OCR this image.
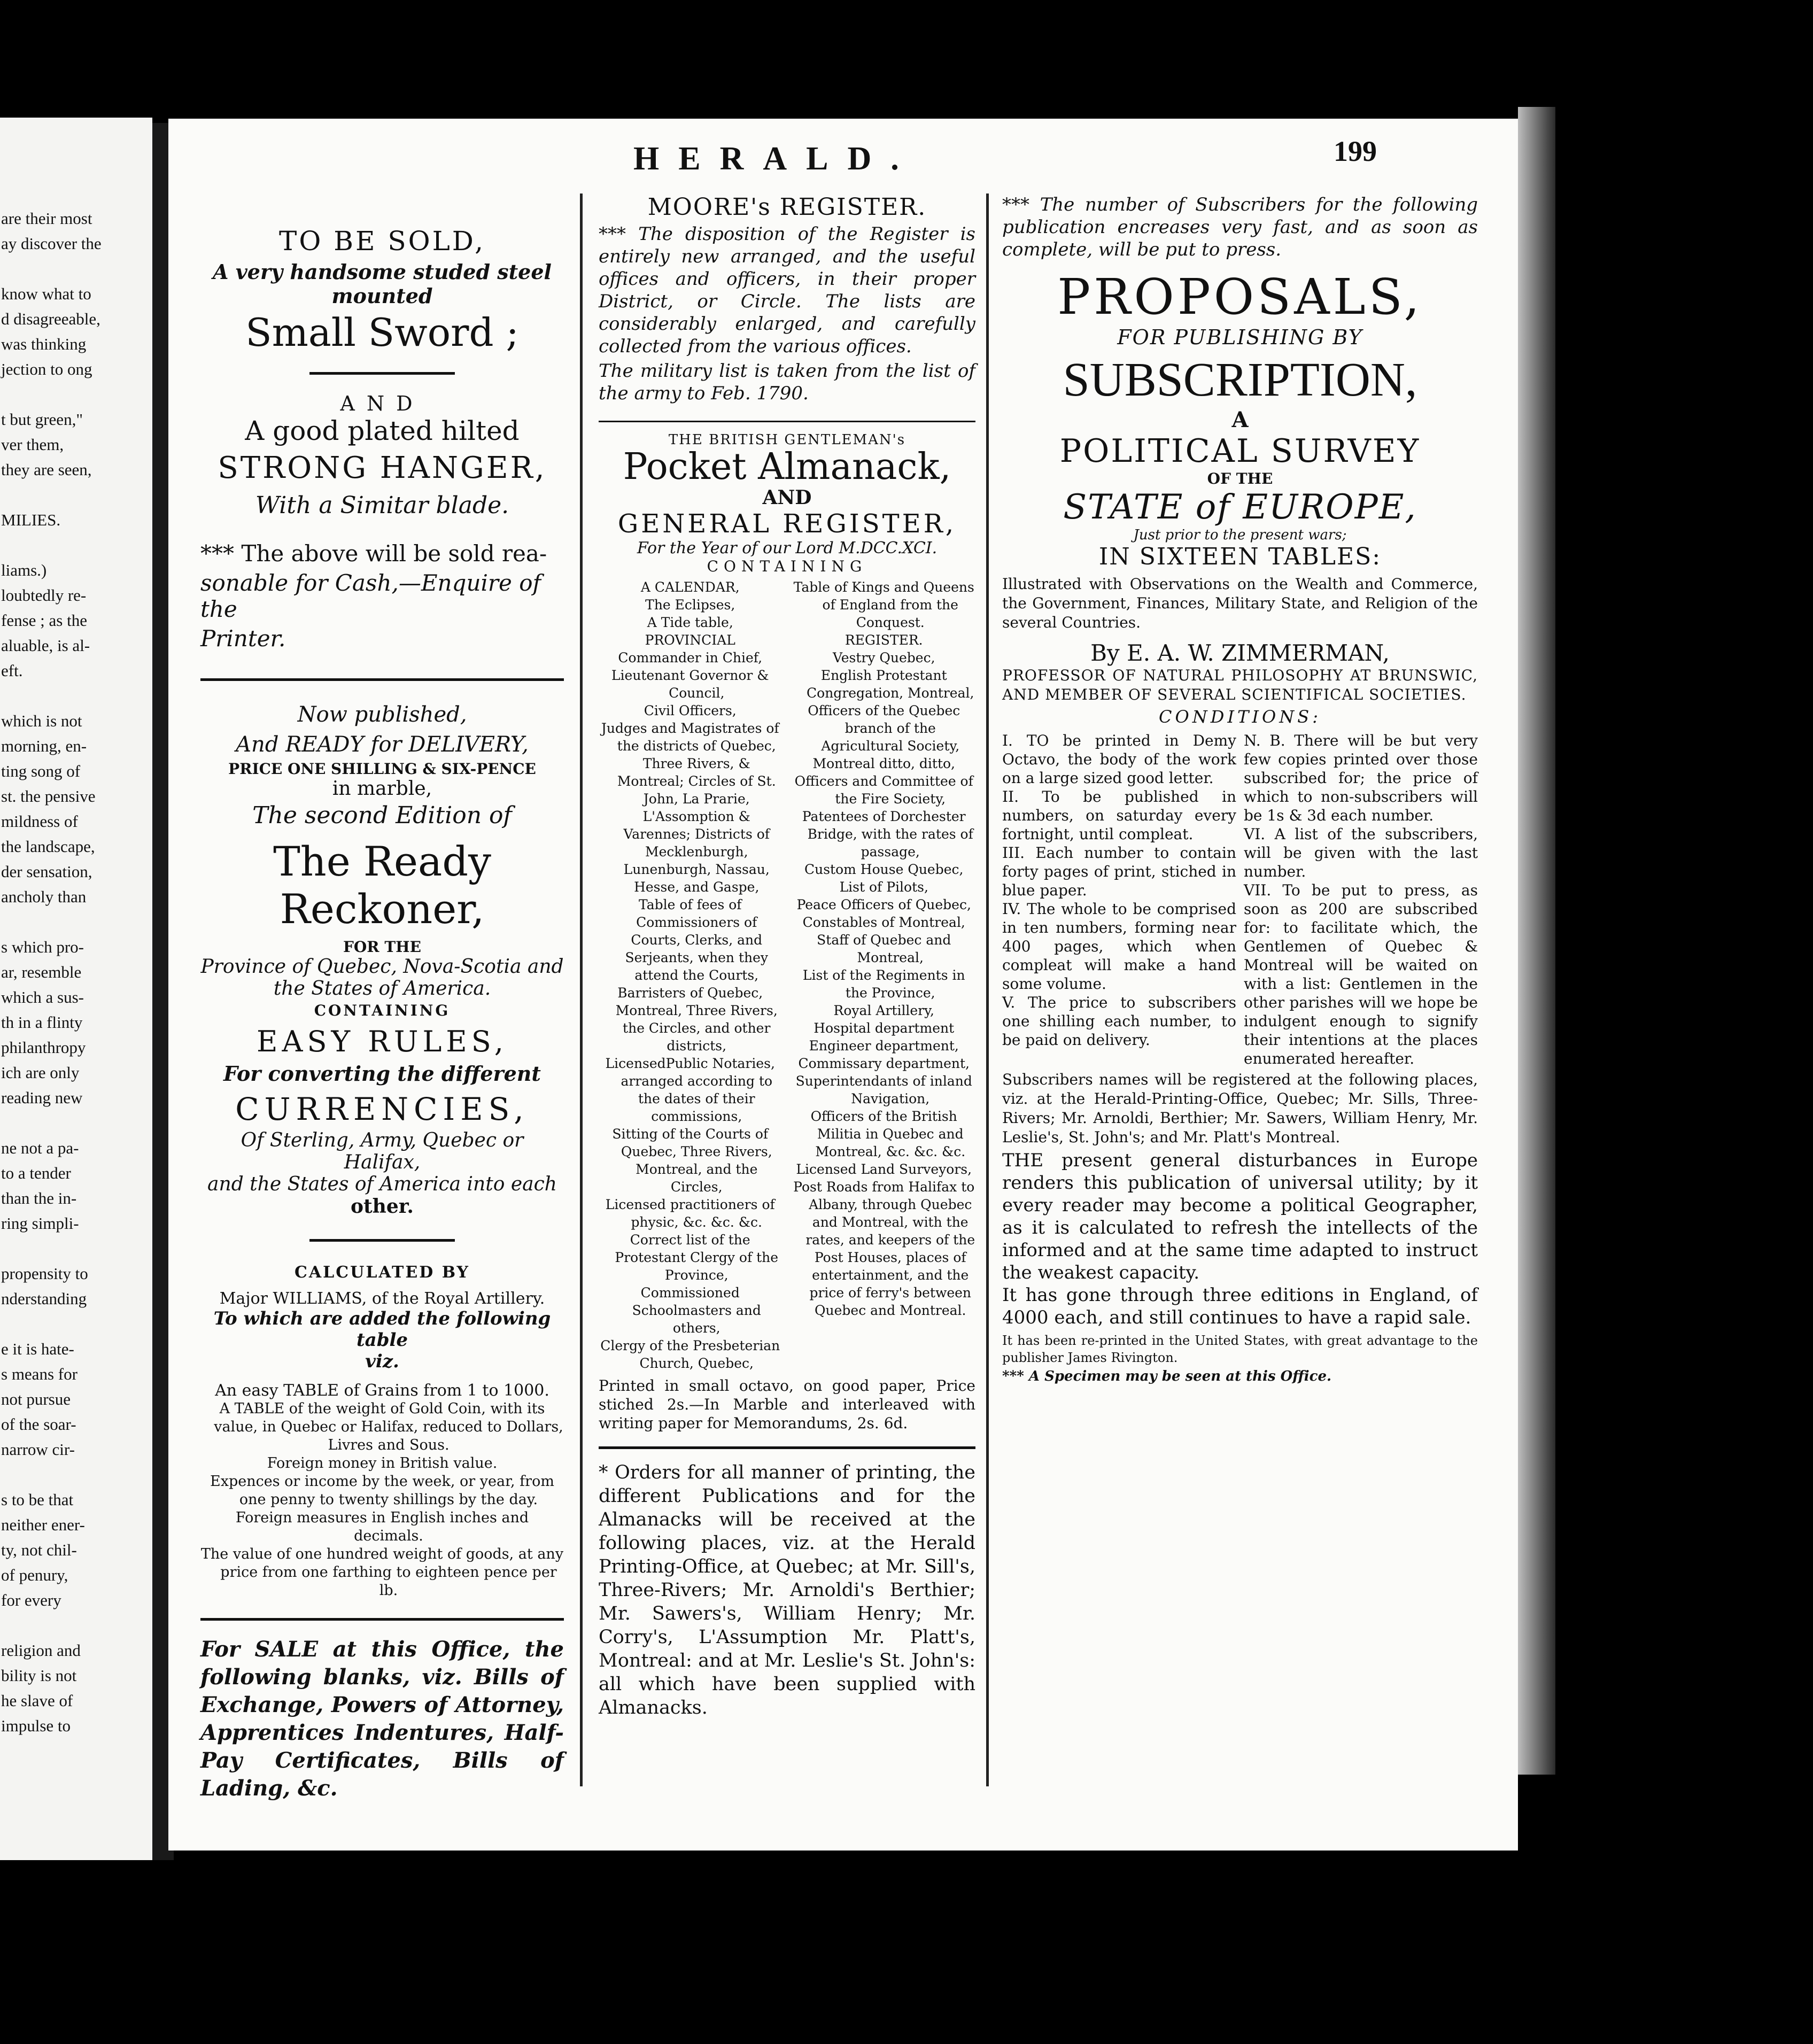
are their most
ay discover the
know what to
d disagreeable,
was thinking
jection to ong
t but green,"
ver them,
they are seen,
MILIES.
liams.)
loubtedly re-
fense ; as the
aluable, is al-
eft.
which is not
morning, en-
ting song of
st. the pensive
mildness of
the landscape,
der sensation,
ancholy than
s which pro-
ar, resemble
which a sus-
th in a flinty
philanthropy
ich are only
reading new
ne not a pa-
to a tender
than the in-
ring simpli-
propensity to
nderstanding
e it is hate-
s means for
not pursue
of the soar-
narrow cir-
s to be that
neither ener-
ty, not chil-
of penury,
for every
religion and
bility is not
he slave of
impulse to
HERALD.	199
TO BE SOLD,
A very handsome studed steel mounted
Small Sword ;
AND
A good plated hilted
STRONG HANGER,
With a Simitar blade.
*** The above will be sold rea-
sonable for Cash,—Enquire of the
Printer.
Now published,
And READY for DELIVERY,
PRICE ONE SHILLING & SIX-PENCE
in marble,
The second Edition of
The Ready Reckoner,
FOR THE
Province of Quebec, Nova-Scotia and
the States of America.
CONTAINING
EASY RULES,
For converting the different
CURRENCIES,
Of Sterling, Army, Quebec or Halifax,
and the States of America into each
other.
CALCULATED BY
Major WILLIAMS, of the Royal Artillery.
To which are added the following table
viz.
An easy TABLE of Grains from 1 to 1000.
A TABLE of the weight of Gold Coin, with its value, in Quebec or Halifax, reduced to Dollars, Livres and Sous.
Foreign money in British value.
Expences or income by the week, or year, from one penny to twenty shillings by the day.
Foreign measures in English inches and decimals.
The value of one hundred weight of goods, at any price from one farthing to eighteen pence per lb.
For SALE at this Office, the following blanks, viz. Bills of Exchange, Powers of Attorney, Apprentices Indentures, Half-Pay Certificates, Bills of Lading, &c.
MOORE's REGISTER.
*** The disposition of the Register is entirely new arranged, and the useful offices and officers, in their proper District, or Circle. The lists are considerably enlarged, and carefully collected from the various offices.
The military list is taken from the list of the army to Feb. 1790.
THE BRITISH GENTLEMAN's
Pocket Almanack,
AND
GENERAL REGISTER,
For the Year of our Lord M.DCC.XCI.
CONTAINING
A CALENDAR,
The Eclipses,
A Tide table,
PROVINCIAL
Commander in Chief,
Lieutenant Governor & Council,
Civil Officers,
Judges and Magistrates of the districts of Quebec, Three Rivers, & Montreal; Circles of St. John, La Prarie, L'Assomption & Varennes; Districts of Mecklenburgh, Lunenburgh, Nassau, Hesse, and Gaspe,
Table of fees of Commissioners of Courts, Clerks, and Serjeants, when they attend the Courts,
Barristers of Quebec, Montreal, Three Rivers, the Circles, and other districts,
LicensedPublic Notaries, arranged according to the dates of their commissions,
Sitting of the Courts of Quebec, Three Rivers, Montreal, and the Circles,
Licensed practitioners of physic, &c. &c. &c.
Correct list of the Protestant Clergy of the Province,
Commissioned Schoolmasters and others,
Clergy of the Presbeterian Church, Quebec,
Table of Kings and Queens of England from the Conquest.
REGISTER.
Vestry Quebec,
English Protestant Congregation, Montreal,
Officers of the Quebec branch of the Agricultural Society,
Montreal ditto, ditto,
Officers and Committee of the Fire Society,
Patentees of Dorchester Bridge, with the rates of passage,
Custom House Quebec,
List of Pilots,
Peace Officers of Quebec,
Constables of Montreal,
Staff of Quebec and Montreal,
List of the Regiments in the Province,
Royal Artillery,
Hospital department
Engineer department,
Commissary department,
Superintendants of inland Navigation,
Officers of the British Militia in Quebec and Montreal, &c. &c. &c.
Licensed Land Surveyors,
Post Roads from Halifax to Albany, through Quebec and Montreal, with the rates, and keepers of the Post Houses, places of entertainment, and the price of ferry's between Quebec and Montreal.
Printed in small octavo, on good paper, Price stiched 2s.—In Marble and interleaved with writing paper for Memorandums, 2s. 6d.
* Orders for all manner of printing, the different Publications and for the Almanacks will be received at the following places, viz. at the Herald Printing-Office, at Quebec; at Mr. Sill's, Three-Rivers; Mr. Arnoldi's Berthier; Mr. Sawers's, William Henry; Mr. Corry's, L'Assumption Mr. Platt's, Montreal: and at Mr. Leslie's St. John's: all which have been supplied with Almanacks.
*** The number of Subscribers for the following publication encreases very fast, and as soon as complete, will be put to press.
PROPOSALS,
FOR PUBLISHING BY
SUBSCRIPTION,
A
POLITICAL SURVEY
OF THE
STATE of EUROPE,
Just prior to the present wars;
IN SIXTEEN TABLES:
Illustrated with Observations on the Wealth and Commerce, the Government, Finances, Military State, and Religion of the several Countries.
By E. A. W. ZIMMERMAN,
PROFESSOR OF NATURAL PHILOSOPHY AT BRUNSWIC, AND MEMBER OF SEVERAL SCIENTIFICAL SOCIETIES.
CONDITIONS:
I. TO be printed in Demy Octavo, the body of the work on a large sized good letter.
II. To be published in numbers, on saturday every fortnight, until compleat.
III. Each number to contain forty pages of print, stiched in blue paper.
IV. The whole to be comprised in ten numbers, forming near 400 pages, which when compleat will make a hand some volume.
V. The price to subscribers one shilling each number, to be paid on delivery.
N. B. There will be but very few copies printed over those subscribed for; the price of which to non-subscribers will be 1s & 3d each number.
VI. A list of the subscribers, will be given with the last number.
VII. To be put to press, as soon as 200 are subscribed for: to facilitate which, the Gentlemen of Quebec & Montreal will be waited on with a list: Gentlemen in the other parishes will we hope be indulgent enough to signify their intentions at the places enumerated hereafter.
Subscribers names will be registered at the following places, viz. at the Herald-Printing-Office, Quebec; Mr. Sills, Three-Rivers; Mr. Arnoldi, Berthier; Mr. Sawers, William Henry, Mr. Leslie's, St. John's; and Mr. Platt's Montreal.
THE present general disturbances in Europe renders this publication of universal utility; by it every reader may become a political Geographer, as it is calculated to refresh the intellects of the informed and at the same time adapted to instruct the weakest capacity.
It has gone through three editions in England, of 4000 each, and still continues to have a rapid sale.
It has been re-printed in the United States, with great advantage to the publisher James Rivington.
*** A Specimen may be seen at this Office.
